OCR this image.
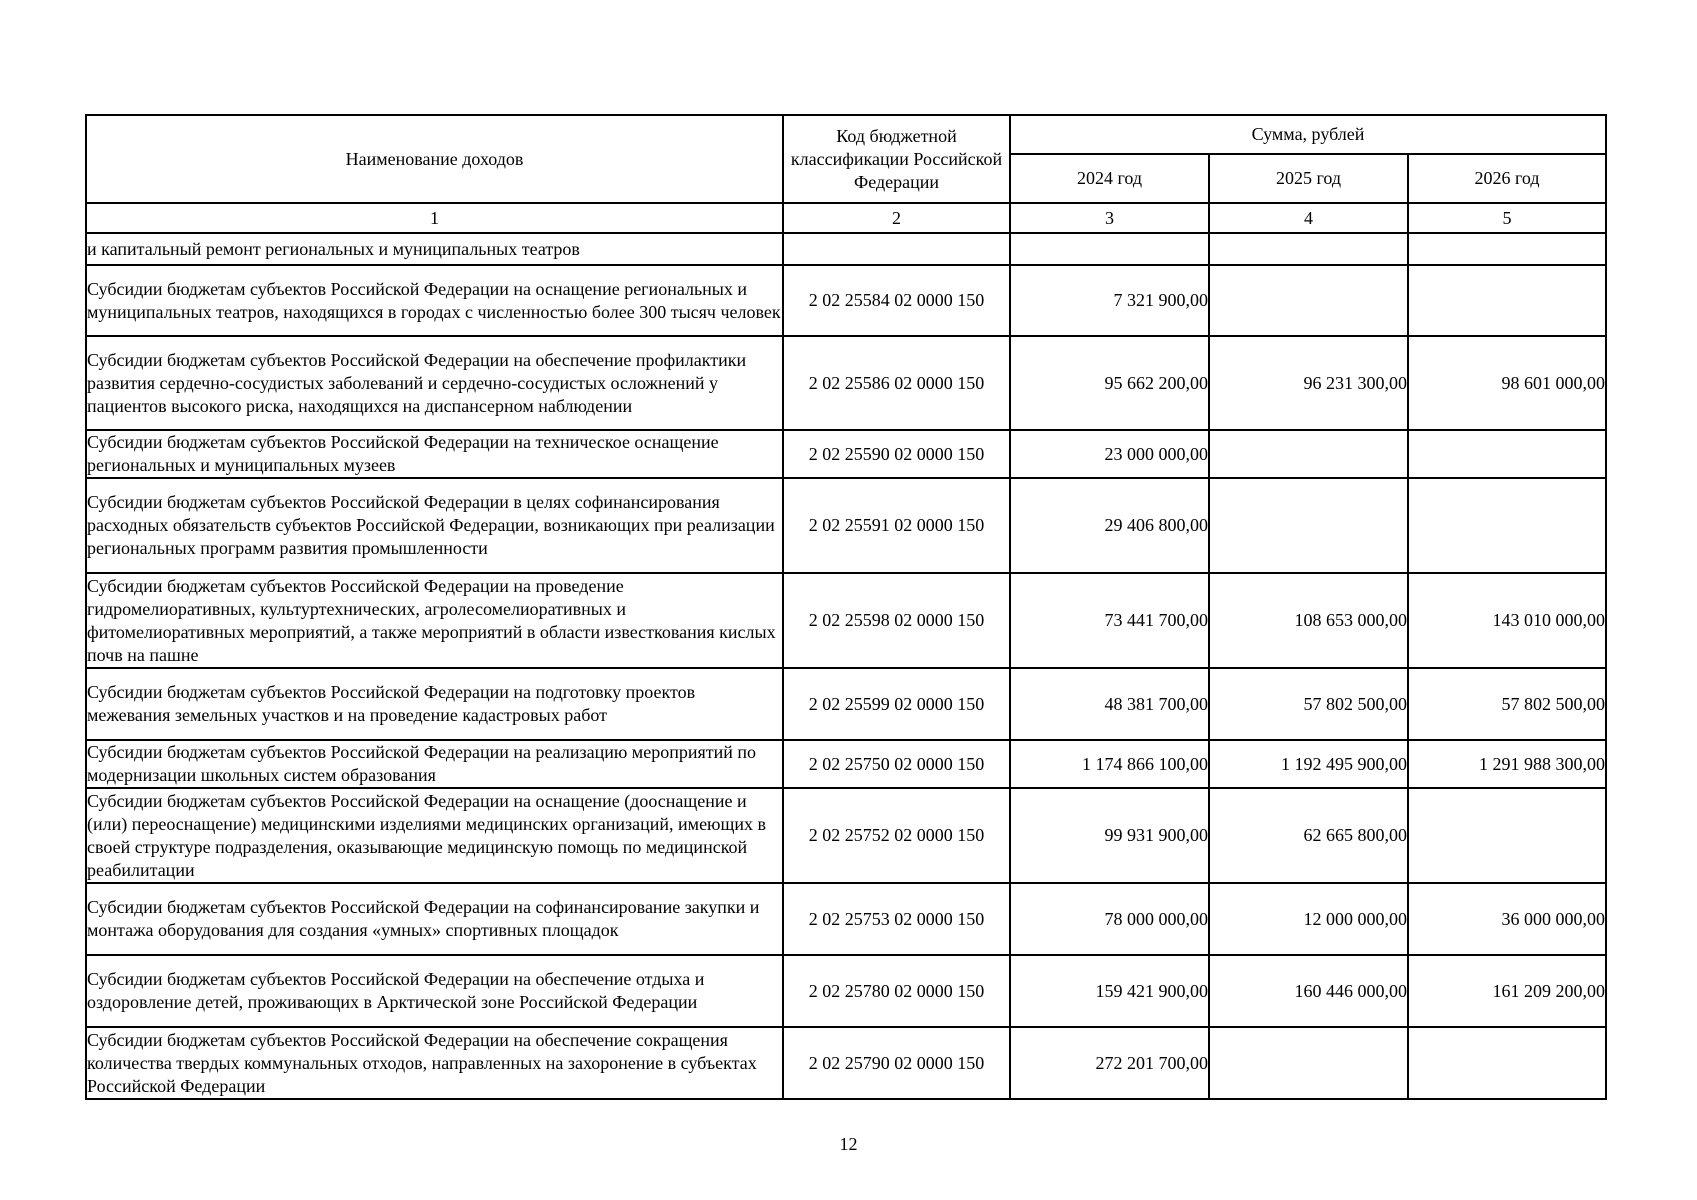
Наименование доходов	Код бюджетной классификации Российской Федерации	Сумма, рублей		
		2024 год	2025 год	2026 год
1	2	3	4	5
и капитальный ремонт региональных и муниципальных театров				
Субсидии бюджетам субъектов Российской Федерации на оснащение региональных и муниципальных театров, находящихся в городах с численностью более 300 тысяч человек	2 02 25584 02 0000 150	7 321 900,00		
Субсидии бюджетам субъектов Российской Федерации на обеспечение профилактики развития сердечно-сосудистых заболеваний и сердечно-сосудистых осложнений у пациентов высокого риска, находящихся на диспансерном наблюдении	2 02 25586 02 0000 150	95 662 200,00	96 231 300,00	98 601 000,00
Субсидии бюджетам субъектов Российской Федерации на техническое оснащение региональных и муниципальных музеев	2 02 25590 02 0000 150	23 000 000,00		
Субсидии бюджетам субъектов Российской Федерации в целях софинансирования расходных обязательств субъектов Российской Федерации, возникающих при реализации региональных программ развития промышленности	2 02 25591 02 0000 150	29 406 800,00		
Субсидии бюджетам субъектов Российской Федерации на проведение гидромелиоративных, культуртехнических, агролесомелиоративных и фитомелиоративных мероприятий, а также мероприятий в области известкования кислых почв на пашне	2 02 25598 02 0000 150	73 441 700,00	108 653 000,00	143 010 000,00
Субсидии бюджетам субъектов Российской Федерации на подготовку проектов межевания земельных участков и на проведение кадастровых работ	2 02 25599 02 0000 150	48 381 700,00	57 802 500,00	57 802 500,00
Субсидии бюджетам субъектов Российской Федерации на реализацию мероприятий по модернизации школьных систем образования	2 02 25750 02 0000 150	1 174 866 100,00	1 192 495 900,00	1 291 988 300,00
Субсидии бюджетам субъектов Российской Федерации на оснащение (дооснащение и (или) переоснащение) медицинскими изделиями медицинских организаций, имеющих в своей структуре подразделения, оказывающие медицинскую помощь по медицинской реабилитации	2 02 25752 02 0000 150	99 931 900,00	62 665 800,00	
Субсидии бюджетам субъектов Российской Федерации на софинансирование закупки и монтажа оборудования для создания «умных» спортивных площадок	2 02 25753 02 0000 150	78 000 000,00	12 000 000,00	36 000 000,00
Субсидии бюджетам субъектов Российской Федерации на обеспечение отдыха и оздоровление детей, проживающих в Арктической зоне Российской Федерации	2 02 25780 02 0000 150	159 421 900,00	160 446 000,00	161 209 200,00
Субсидии бюджетам субъектов Российской Федерации на обеспечение сокращения количества твердых коммунальных отходов, направленных на захоронение в субъектах Российской Федерации	2 02 25790 02 0000 150	272 201 700,00		
12
